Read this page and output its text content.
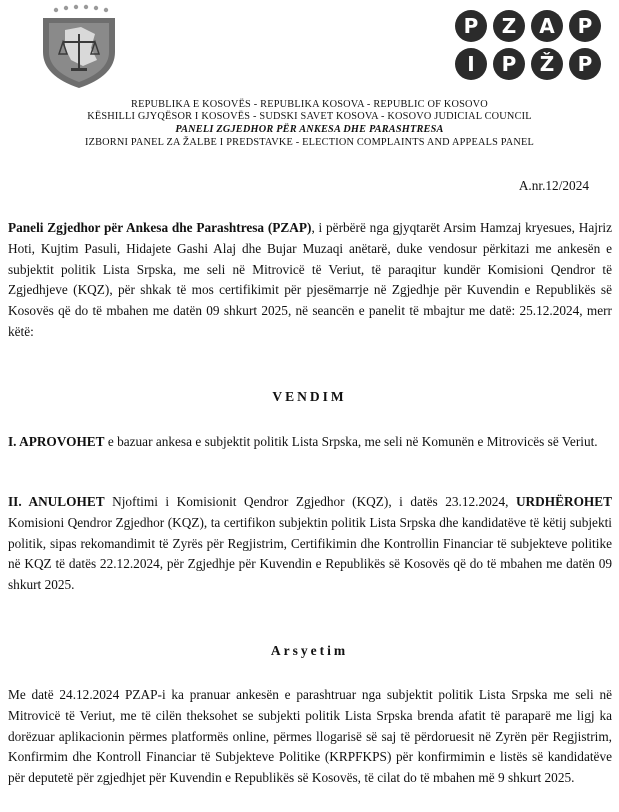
P	Z	A	P
I	P	Ž	P
REPUBLIKA E KOSOVËS - REPUBLIKA KOSOVA - REPUBLIC OF KOSOVO
KËSHILLI GJYQËSOR I KOSOVËS - SUDSKI SAVET KOSOVA - KOSOVO JUDICIAL COUNCIL
PANELI ZGJEDHOR PËR ANKESA DHE PARASHTRESA
IZBORNI PANEL ZA ŽALBE I PREDSTAVKE - ELECTION COMPLAINTS AND APPEALS PANEL
A.nr.12/2024
Paneli Zgjedhor për Ankesa dhe Parashtresa (PZAP), i përbërë nga gjyqtarët Arsim Hamzaj kryesues, Hajriz Hoti, Kujtim Pasuli, Hidajete Gashi Alaj dhe Bujar Muzaqi anëtarë, duke vendosur përkitazi me ankesën e subjektit politik Lista Srpska, me seli në Mitrovicë të Veriut, të paraqitur kundër Komisioni Qendror të Zgjedhjeve (KQZ), për shkak të mos certifikimit për pjesëmarrje në Zgjedhje për Kuvendin e Republikës së Kosovës që do të mbahen me datën 09 shkurt 2025, në seancën e panelit të mbajtur me datë: 25.12.2024, merr këtë:
VENDIM
I. APROVOHET e bazuar ankesa e subjektit politik Lista Srpska, me seli në Komunën e Mitrovicës së Veriut.
II. ANULOHET Njoftimi i Komisionit Qendror Zgjedhor (KQZ), i datës 23.12.2024, URDHËROHET Komisioni Qendror Zgjedhor (KQZ), ta certifikon subjektin politik Lista Srpska dhe kandidatëve të këtij subjekti politik, sipas rekomandimit të Zyrës për Regjistrim, Certifikimin dhe Kontrollin Financiar të subjekteve politike në KQZ të datës 22.12.2024, për Zgjedhje për Kuvendin e Republikës së Kosovës që do të mbahen me datën 09 shkurt 2025.
Arsyetim
Me datë 24.12.2024 PZAP-i ka pranuar ankesën e parashtruar nga subjektit politik Lista Srpska me seli në Mitrovicë të Veriut, me të cilën theksohet se subjekti politik Lista Srpska brenda afatit të paraparë me ligj ka dorëzuar aplikacionin përmes platformës online, përmes llogarisë së saj të përdoruesit në Zyrën për Regjistrim, Konfirmim dhe Kontroll Financiar të Subjekteve Politike (KRPFKPS) për konfirmimin e listës së kandidatëve për deputetë për zgjedhjet për Kuvendin e Republikës së Kosovës, të cilat do të mbahen më 9 shkurt 2025.
